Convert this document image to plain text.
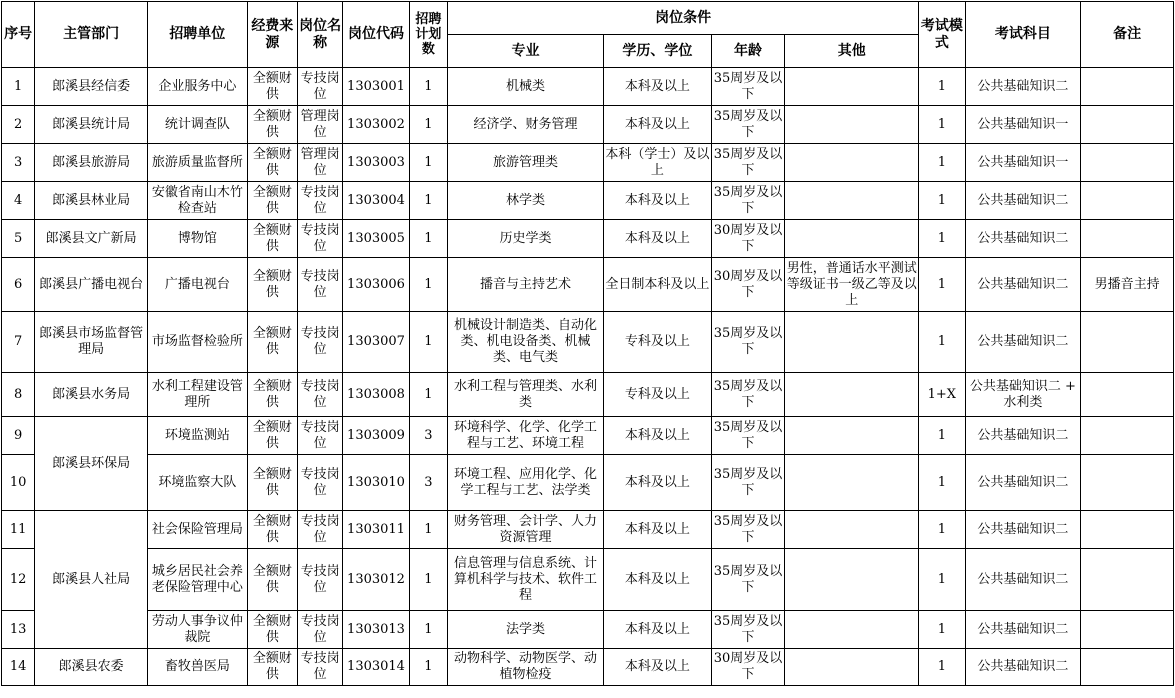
序号	主管部门	招聘单位	经费来源	岗位名称	岗位代码	招聘计划数	岗位条件				考试模式	考试科目	备注
							专业	学历、学位	年龄	其他			
1	郎溪县经信委	企业服务中心	全额财供	专技岗位	1303001	1	机械类	本科及以上	35周岁及以下		1	公共基础知识二	
2	郎溪县统计局	统计调查队	全额财供	管理岗位	1303002	1	经济学、财务管理	本科及以上	35周岁及以下		1	公共基础知识一	
3	郎溪县旅游局	旅游质量监督所	全额财供	管理岗位	1303003	1	旅游管理类	本科（学士）及以上	35周岁及以下		1	公共基础知识一	
4	郎溪县林业局	安徽省南山木竹检查站	全额财供	专技岗位	1303004	1	林学类	本科及以上	35周岁及以下		1	公共基础知识二	
5	郎溪县文广新局	博物馆	全额财供	专技岗位	1303005	1	历史学类	本科及以上	30周岁及以下		1	公共基础知识二	
6	郎溪县广播电视台	广播电视台	全额财供	专技岗位	1303006	1	播音与主持艺术	全日制本科及以上	30周岁及以下	男性，普通话水平测试等级证书一级乙等及以上	1	公共基础知识二	男播音主持
7	郎溪县市场监督管理局	市场监督检验所	全额财供	专技岗位	1303007	1	机械设计制造类、自动化类、机电设备类、机械类、电气类	专科及以上	35周岁及以下		1	公共基础知识二	
8	郎溪县水务局	水利工程建设管理所	全额财供	专技岗位	1303008	1	水利工程与管理类、水利类	专科及以上	35周岁及以下		1+X	公共基础知识二 + 水利类	

9	郎溪县环保局	环境监测站	全额财供	专技岗位	1303009	3	环境科学、化学、化学工程与工艺、环境工程	本科及以上	35周岁及以下		1	公共基础知识二	
10		环境监察大队	全额财供	专技岗位	1303010	3	环境工程、应用化学、化学工程与工艺、法学类	本科及以上	35周岁及以下		1	公共基础知识二	
11	郎溪县人社局	社会保险管理局	全额财供	专技岗位	1303011	1	财务管理、会计学、人力资源管理	本科及以上	35周岁及以下		1	公共基础知识二	
12		城乡居民社会养老保险管理中心	全额财供	专技岗位	1303012	1	信息管理与信息系统、计算机科学与技术、软件工程	本科及以上	35周岁及以下		1	公共基础知识二	
13		劳动人事争议仲裁院	全额财供	专技岗位	1303013	1	法学类	本科及以上	35周岁及以下		1	公共基础知识二	
14	郎溪县农委	畜牧兽医局	全额财供	专技岗位	1303014	1	动物科学、动物医学、动植物检疫	本科及以上	30周岁及以下		1	公共基础知识二	
